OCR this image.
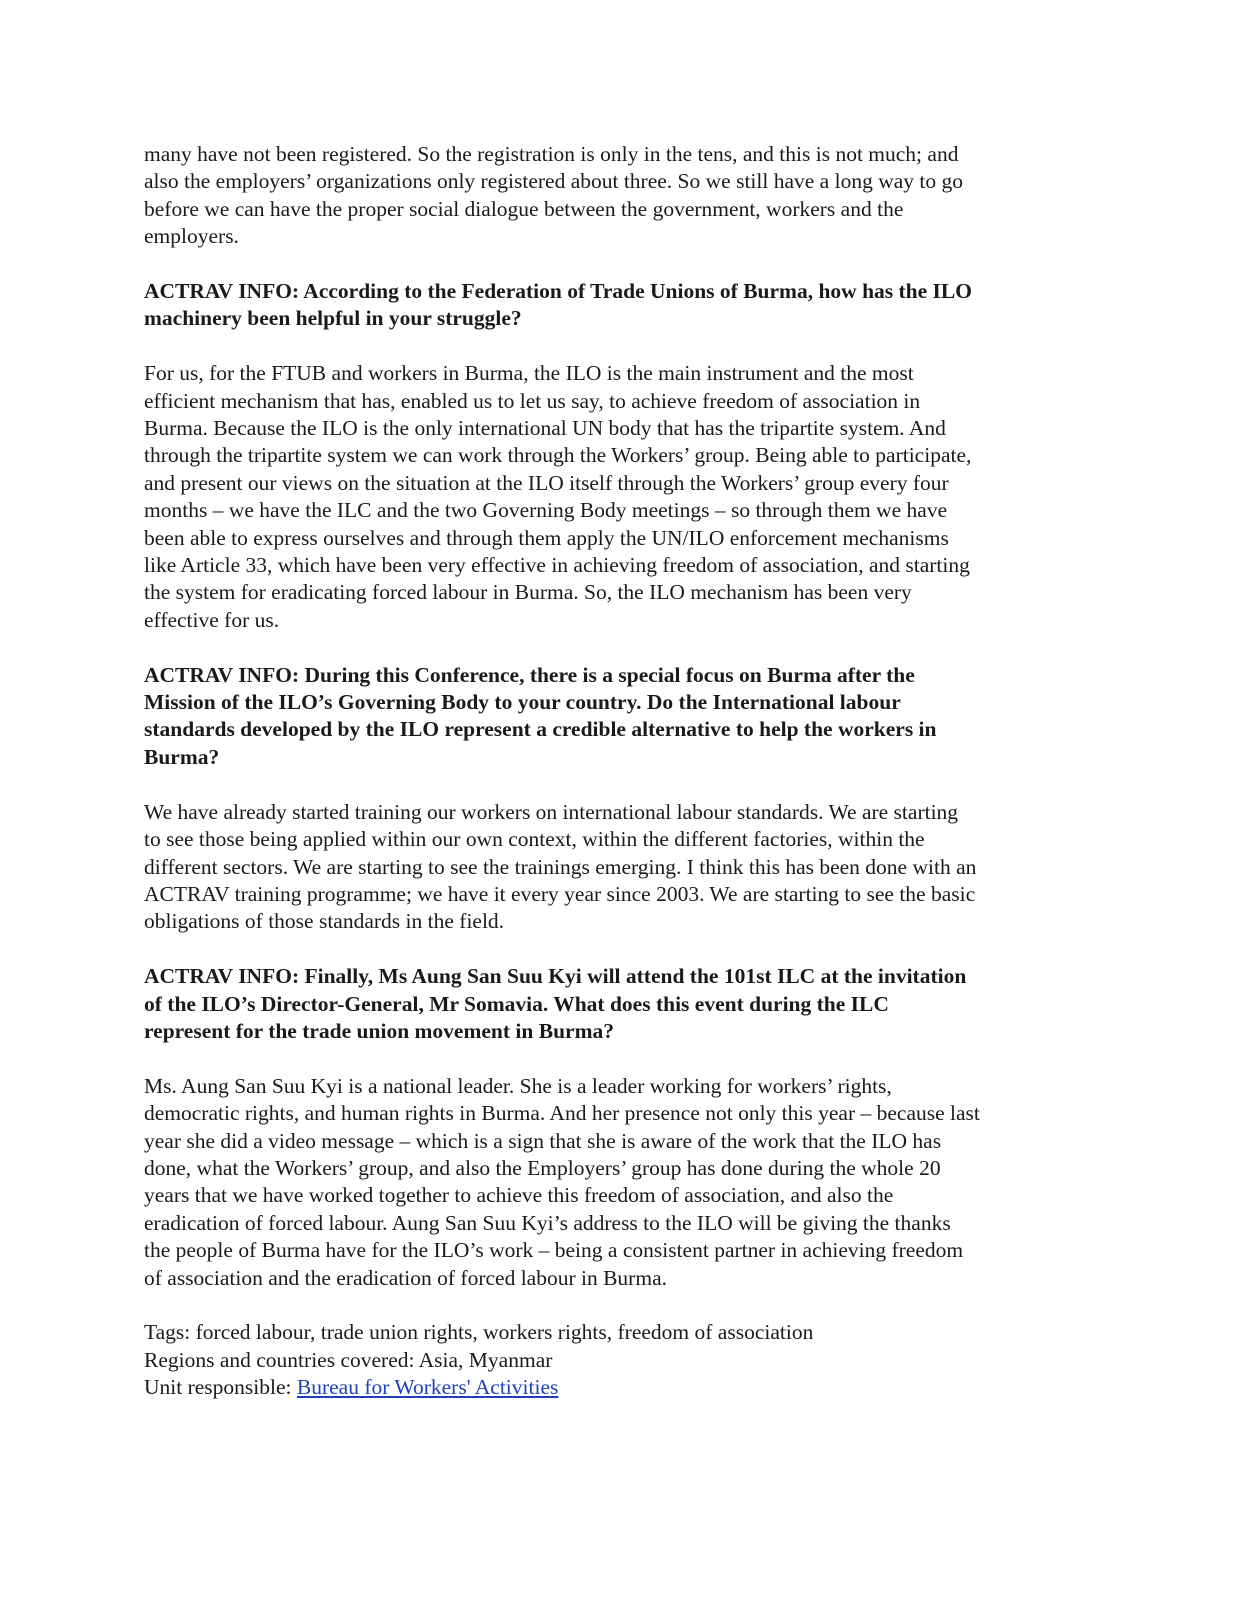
many have not been registered. So the registration is only in the tens, and this is not much; and
also the employers’ organizations only registered about three. So we still have a long way to go
before we can have the proper social dialogue between the government, workers and the
employers.

ACTRAV INFO: According to the Federation of Trade Unions of Burma, how has the ILO
machinery been helpful in your struggle?

For us, for the FTUB and workers in Burma, the ILO is the main instrument and the most
efficient mechanism that has, enabled us to let us say, to achieve freedom of association in
Burma. Because the ILO is the only international UN body that has the tripartite system. And
through the tripartite system we can work through the Workers’ group. Being able to participate,
and present our views on the situation at the ILO itself through the Workers’ group every four
months – we have the ILC and the two Governing Body meetings – so through them we have
been able to express ourselves and through them apply the UN/ILO enforcement mechanisms
like Article 33, which have been very effective in achieving freedom of association, and starting
the system for eradicating forced labour in Burma. So, the ILO mechanism has been very
effective for us.

ACTRAV INFO: During this Conference, there is a special focus on Burma after the
Mission of the ILO’s Governing Body to your country. Do the International labour
standards developed by the ILO represent a credible alternative to help the workers in
Burma?

We have already started training our workers on international labour standards. We are starting
to see those being applied within our own context, within the different factories, within the
different sectors. We are starting to see the trainings emerging. I think this has been done with an
ACTRAV training programme; we have it every year since 2003. We are starting to see the basic
obligations of those standards in the field.

ACTRAV INFO: Finally, Ms Aung San Suu Kyi will attend the 101st ILC at the invitation
of the ILO’s Director-General, Mr Somavia. What does this event during the ILC
represent for the trade union movement in Burma?

Ms. Aung San Suu Kyi is a national leader. She is a leader working for workers’ rights,
democratic rights, and human rights in Burma. And her presence not only this year – because last
year she did a video message – which is a sign that she is aware of the work that the ILO has
done, what the Workers’ group, and also the Employers’ group has done during the whole 20
years that we have worked together to achieve this freedom of association, and also the
eradication of forced labour. Aung San Suu Kyi’s address to the ILO will be giving the thanks
the people of Burma have for the ILO’s work – being a consistent partner in achieving freedom
of association and the eradication of forced labour in Burma.

Tags: forced labour, trade union rights, workers rights, freedom of association
Regions and countries covered: Asia, Myanmar
Unit responsible: Bureau for Workers' Activities
